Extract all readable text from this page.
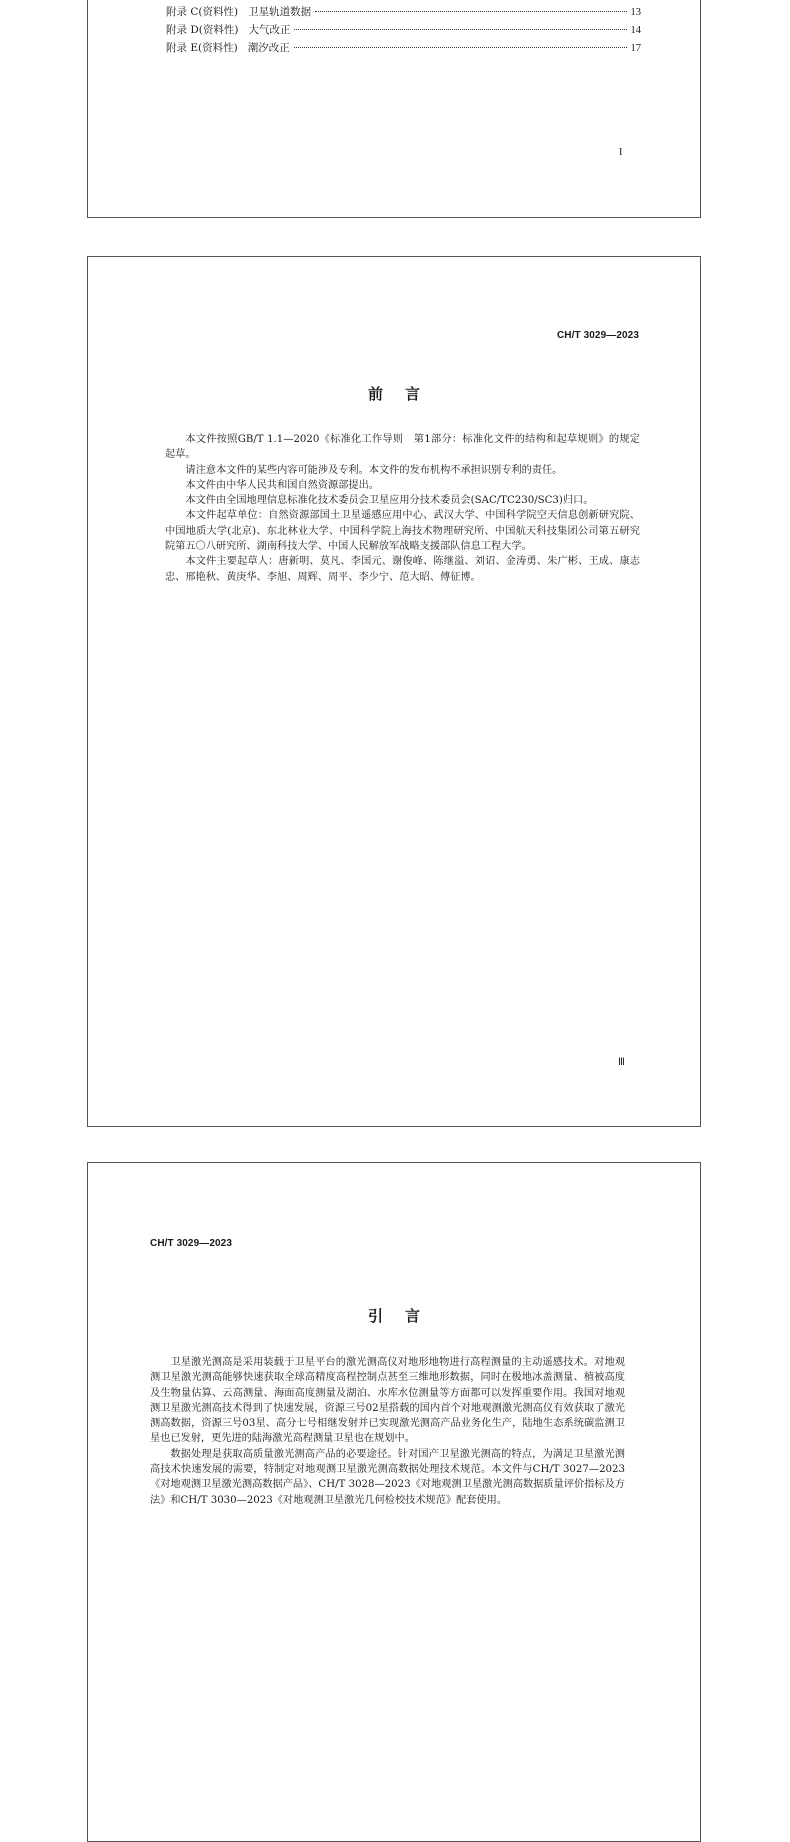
附录 C(资料性) 卫星轨道数据	13
附录 D(资料性) 大气改正	14
附录 E(资料性) 潮汐改正	17
I
CH/T 3029—2023
前言

本文件按照GB/T 1.1—2020《标准化工作导则　第1部分：标准化文件的结构和起草规则》的规定起草。

请注意本文件的某些内容可能涉及专利。本文件的发布机构不承担识别专利的责任。

本文件由中华人民共和国自然资源部提出。

本文件由全国地理信息标准化技术委员会卫星应用分技术委员会(SAC/TC230/SC3)归口。

本文件起草单位：自然资源部国土卫星遥感应用中心、武汉大学、中国科学院空天信息创新研究院、中国地质大学(北京)、东北林业大学、中国科学院上海技术物理研究所、中国航天科技集团公司第五研究院第五〇八研究所、湖南科技大学、中国人民解放军战略支援部队信息工程大学。

本文件主要起草人：唐新明、莫凡、李国元、谢俊峰、陈继溢、刘诏、金涛勇、朱广彬、王成、康志忠、邢艳秋、黄庚华、李旭、周辉、周平、李少宁、范大昭、傅征博。

Ⅲ
CH/T 3029—2023
引言

卫星激光测高是采用装载于卫星平台的激光测高仪对地形地物进行高程测量的主动遥感技术。对地观测卫星激光测高能够快速获取全球高精度高程控制点甚至三维地形数据，同时在极地冰盖测量、植被高度及生物量估算、云高测量、海面高度测量及湖泊、水库水位测量等方面都可以发挥重要作用。我国对地观测卫星激光测高技术得到了快速发展，资源三号02星搭载的国内首个对地观测激光测高仪有效获取了激光测高数据，资源三号03星、高分七号相继发射并已实现激光测高产品业务化生产，陆地生态系统碳监测卫星也已发射，更先进的陆海激光高程测量卫星也在规划中。

数据处理是获取高质量激光测高产品的必要途径。针对国产卫星激光测高的特点，为满足卫星激光测高技术快速发展的需要，特制定对地观测卫星激光测高数据处理技术规范。本文件与CH/T 3027—2023《对地观测卫星激光测高数据产品》、CH/T 3028—2023《对地观测卫星激光测高数据质量评价指标及方法》和CH/T 3030—2023《对地观测卫星激光几何检校技术规范》配套使用。
